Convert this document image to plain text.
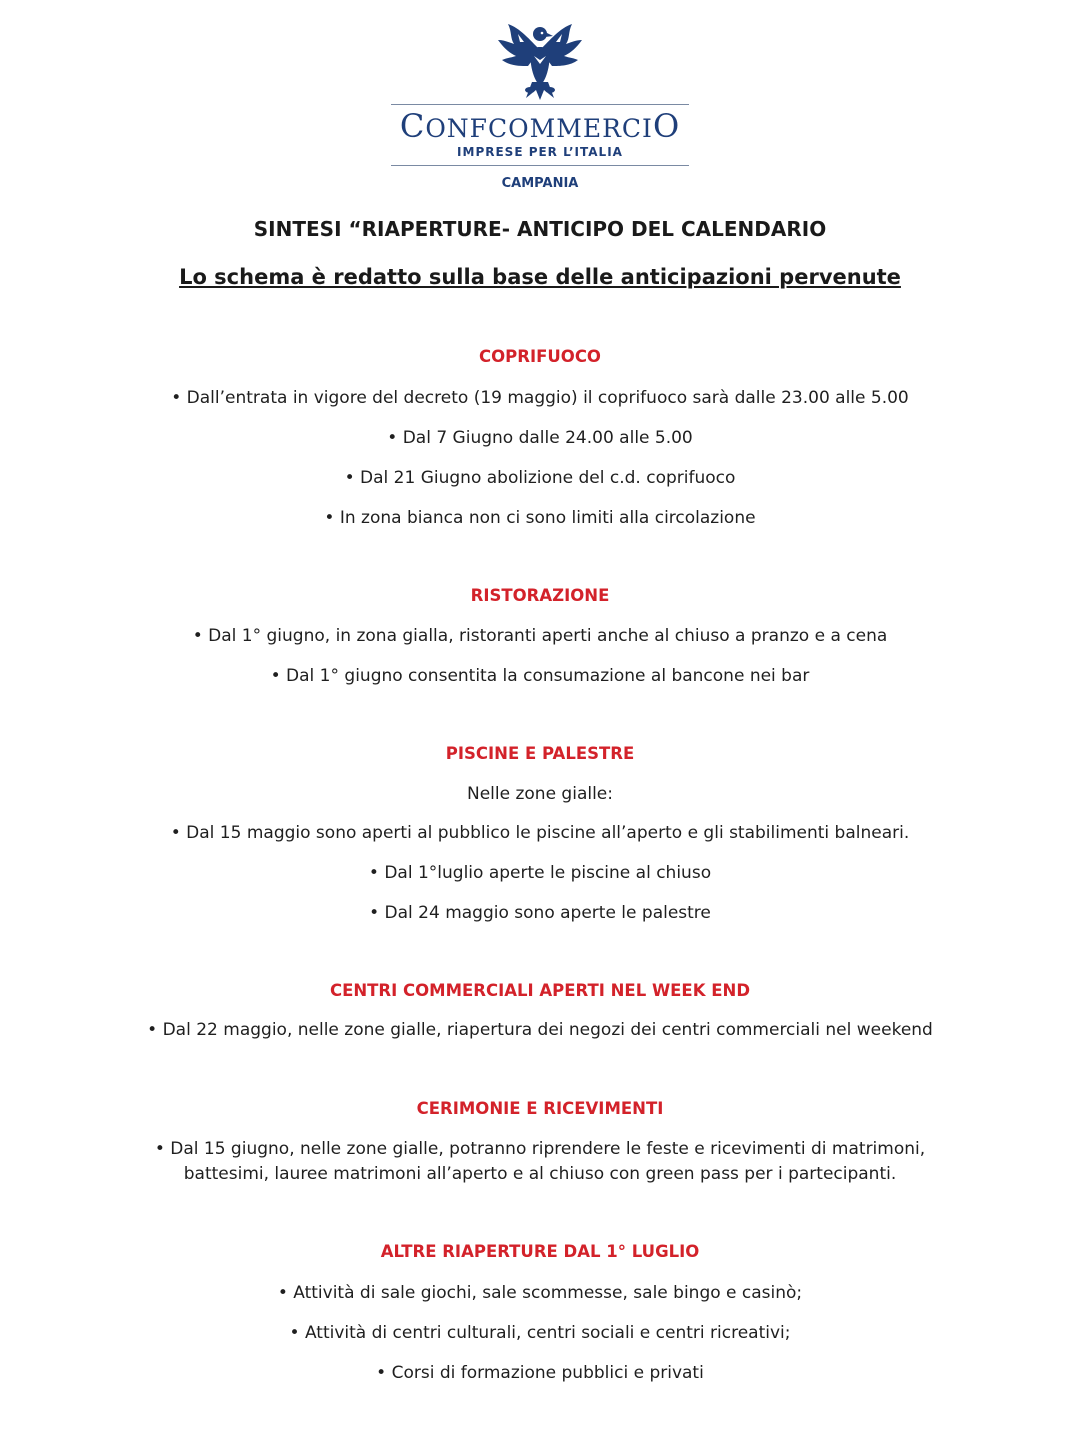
CONFCOMMERCIO
IMPRESE PER L’ITALIA
CAMPANIA
SINTESI “RIAPERTURE- ANTICIPO DEL CALENDARIO
Lo schema è redatto sulla base delle anticipazioni pervenute
COPRIFUOCO
• Dall’entrata in vigore del decreto (19 maggio) il coprifuoco sarà dalle 23.00 alle 5.00
• Dal 7 Giugno dalle 24.00 alle 5.00
• Dal 21 Giugno abolizione del c.d. coprifuoco
• In zona bianca non ci sono limiti alla circolazione
RISTORAZIONE
• Dal 1° giugno, in zona gialla, ristoranti aperti anche al chiuso a pranzo e a cena
• Dal 1° giugno consentita la consumazione al bancone nei bar
PISCINE E PALESTRE
Nelle zone gialle:
• Dal 15 maggio sono aperti al pubblico le piscine all’aperto e gli stabilimenti balneari.
• Dal 1°luglio aperte le piscine al chiuso
• Dal 24 maggio sono aperte le palestre
CENTRI COMMERCIALI APERTI NEL WEEK END
• Dal 22 maggio, nelle zone gialle, riapertura dei negozi dei centri commerciali nel weekend
CERIMONIE E RICEVIMENTI
• Dal 15 giugno, nelle zone gialle, potranno riprendere le feste e ricevimenti di matrimoni,
battesimi, lauree matrimoni all’aperto e al chiuso con green pass per i partecipanti.
ALTRE RIAPERTURE DAL 1° LUGLIO
• Attività di sale giochi, sale scommesse, sale bingo e casinò;
• Attività di centri culturali, centri sociali e centri ricreativi;
• Corsi di formazione pubblici e privati
